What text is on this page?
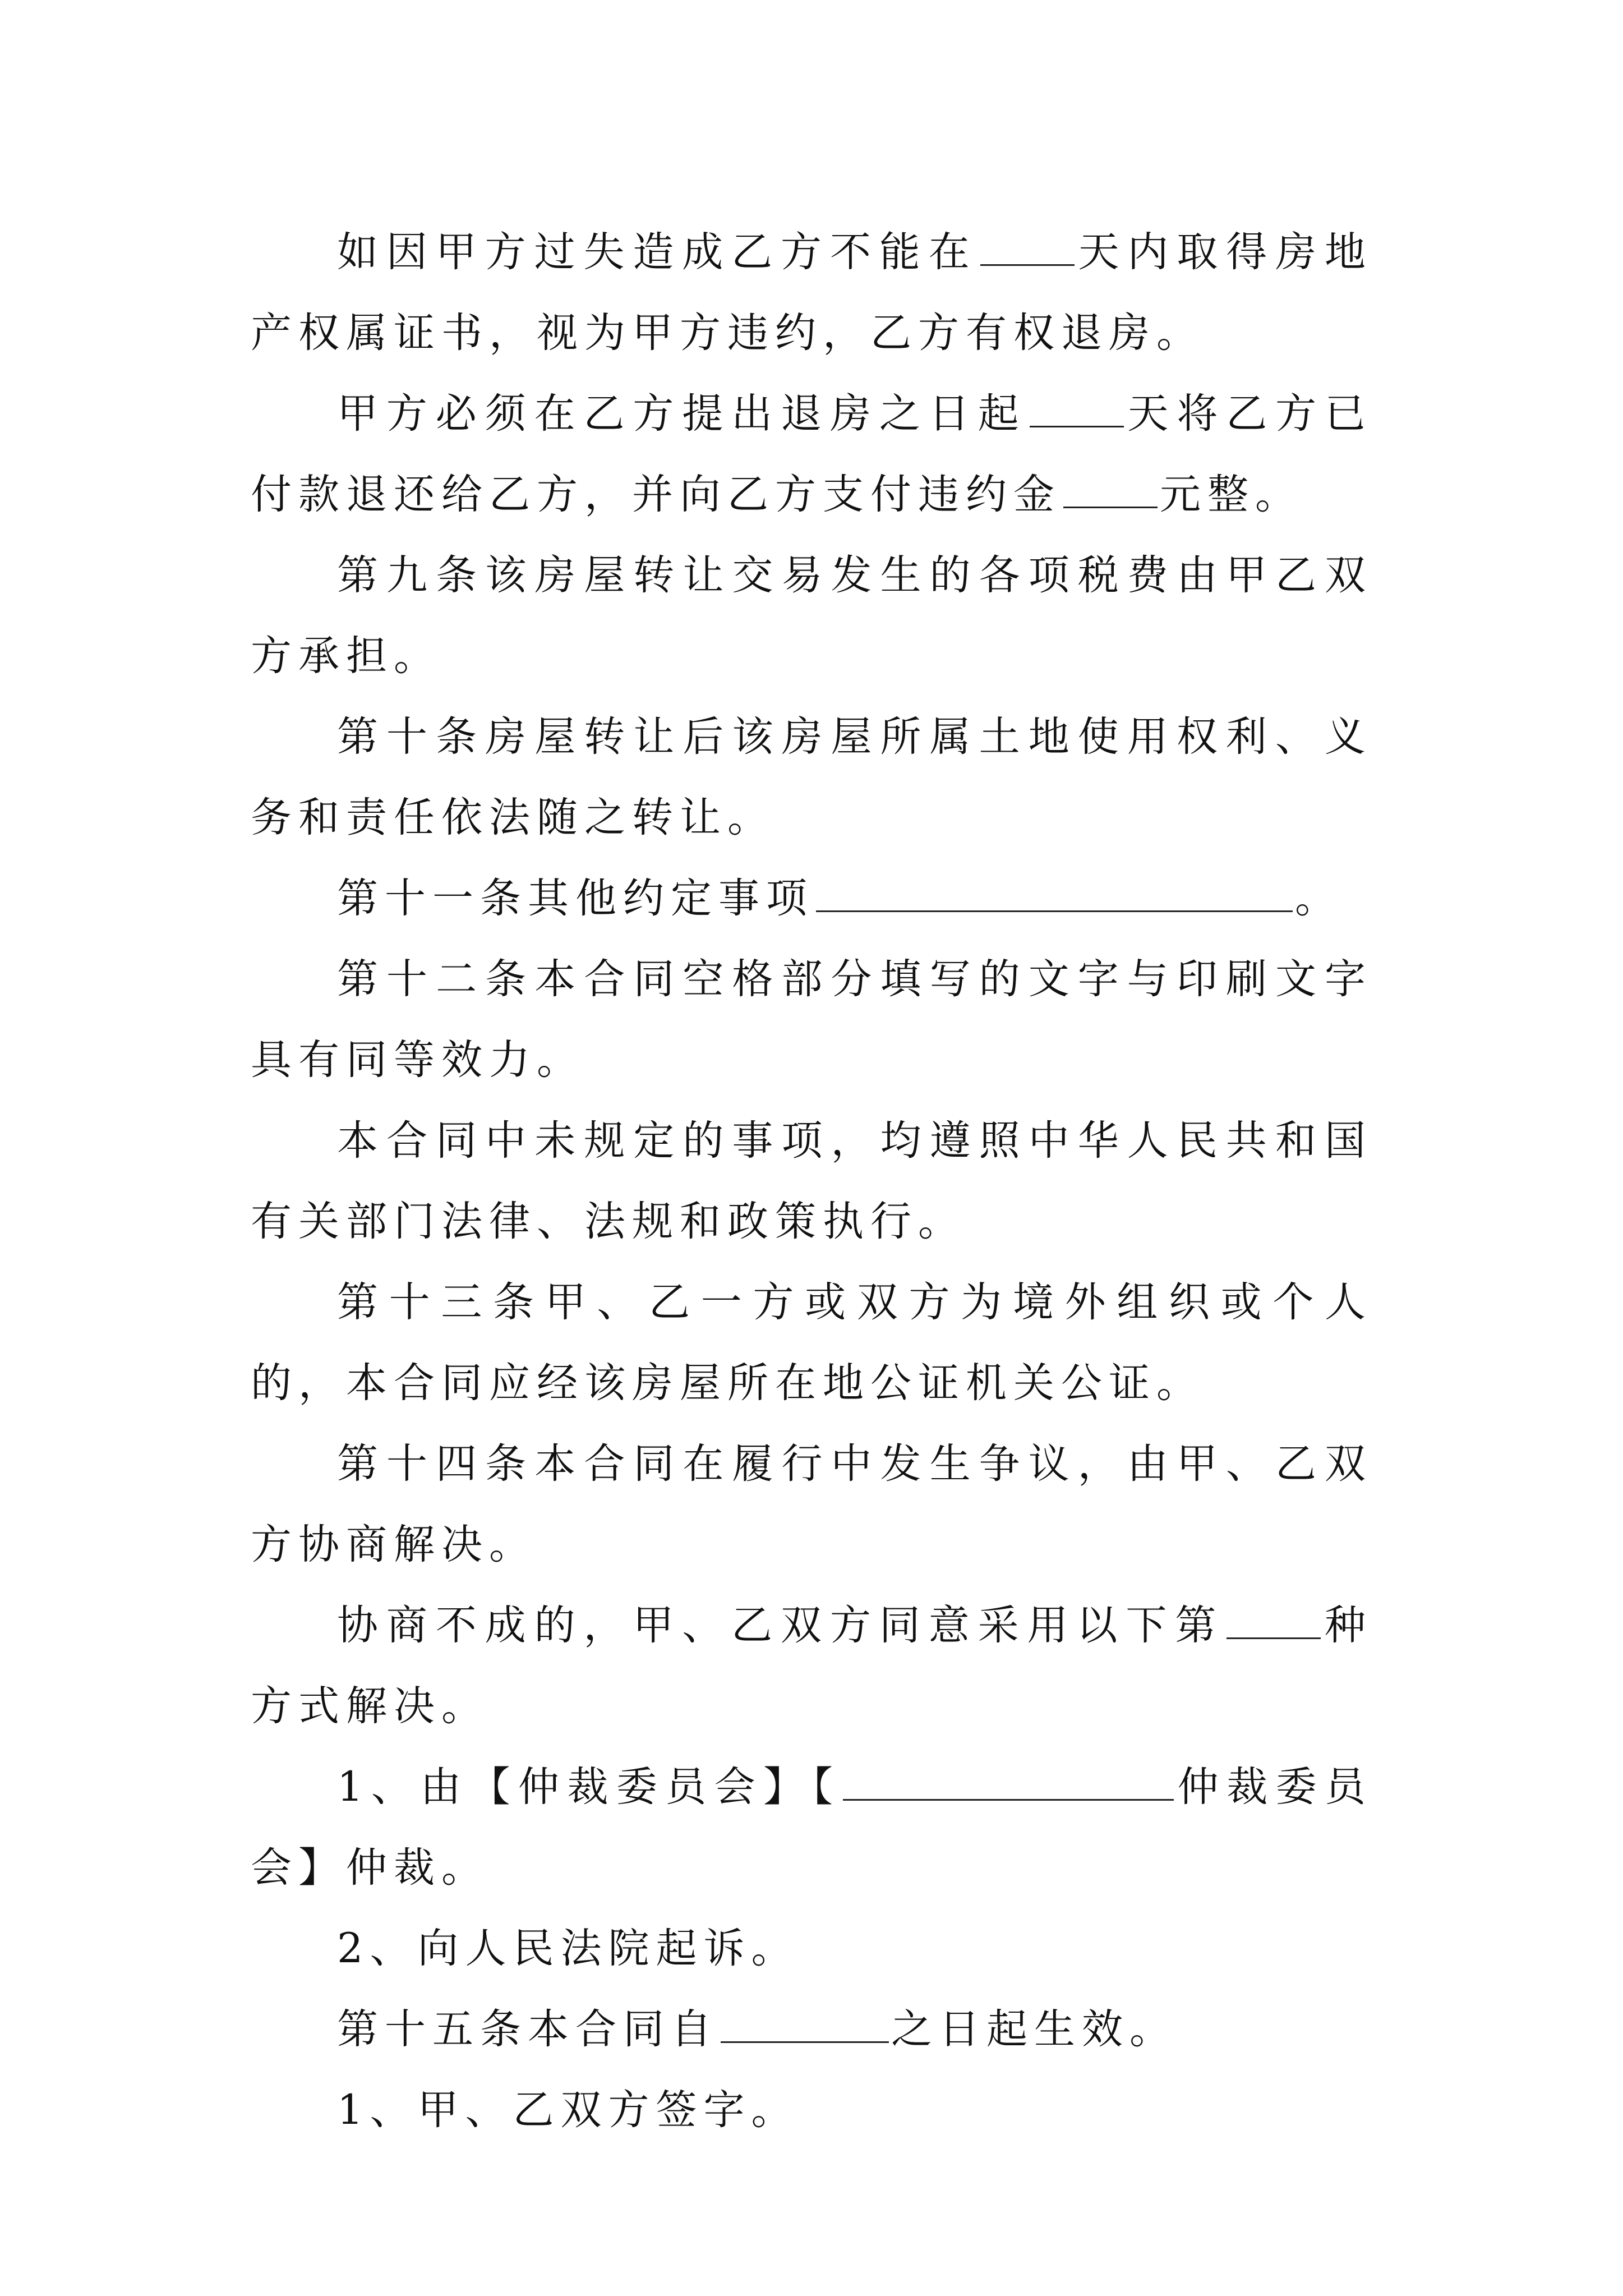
如因甲方过失造成乙方不能在 天内取得房地产权属证书，视为甲方违约，乙方有权退房。

甲方必须在乙方提出退房之日起 天将乙方已付款退还给乙方，并向乙方支付违约金 元整。

第九条该房屋转让交易发生的各项税费由甲乙双方承担。

第十条房屋转让后该房屋所属土地使用权利、义务和责任依法随之转让。

第十一条其他约定事项	。

第十二条本合同空格部分填写的文字与印刷文字具有同等效力。

本合同中未规定的事项，均遵照中华人民共和国有关部门法律、法规和政策执行。

第十三条甲、乙一方或双方为境外组织或个人的，本合同应经该房屋所在地公证机关公证。

第十四条本合同在履行中发生争议，由甲、乙双方协商解决。

协商不成的，甲、乙双方同意采用以下第 种方式解决。

1、由【仲裁委员会】【	仲裁委员会】仲裁。

2、向人民法院起诉。

第十五条本合同自	之日起生效。

1、甲、乙双方签字。
